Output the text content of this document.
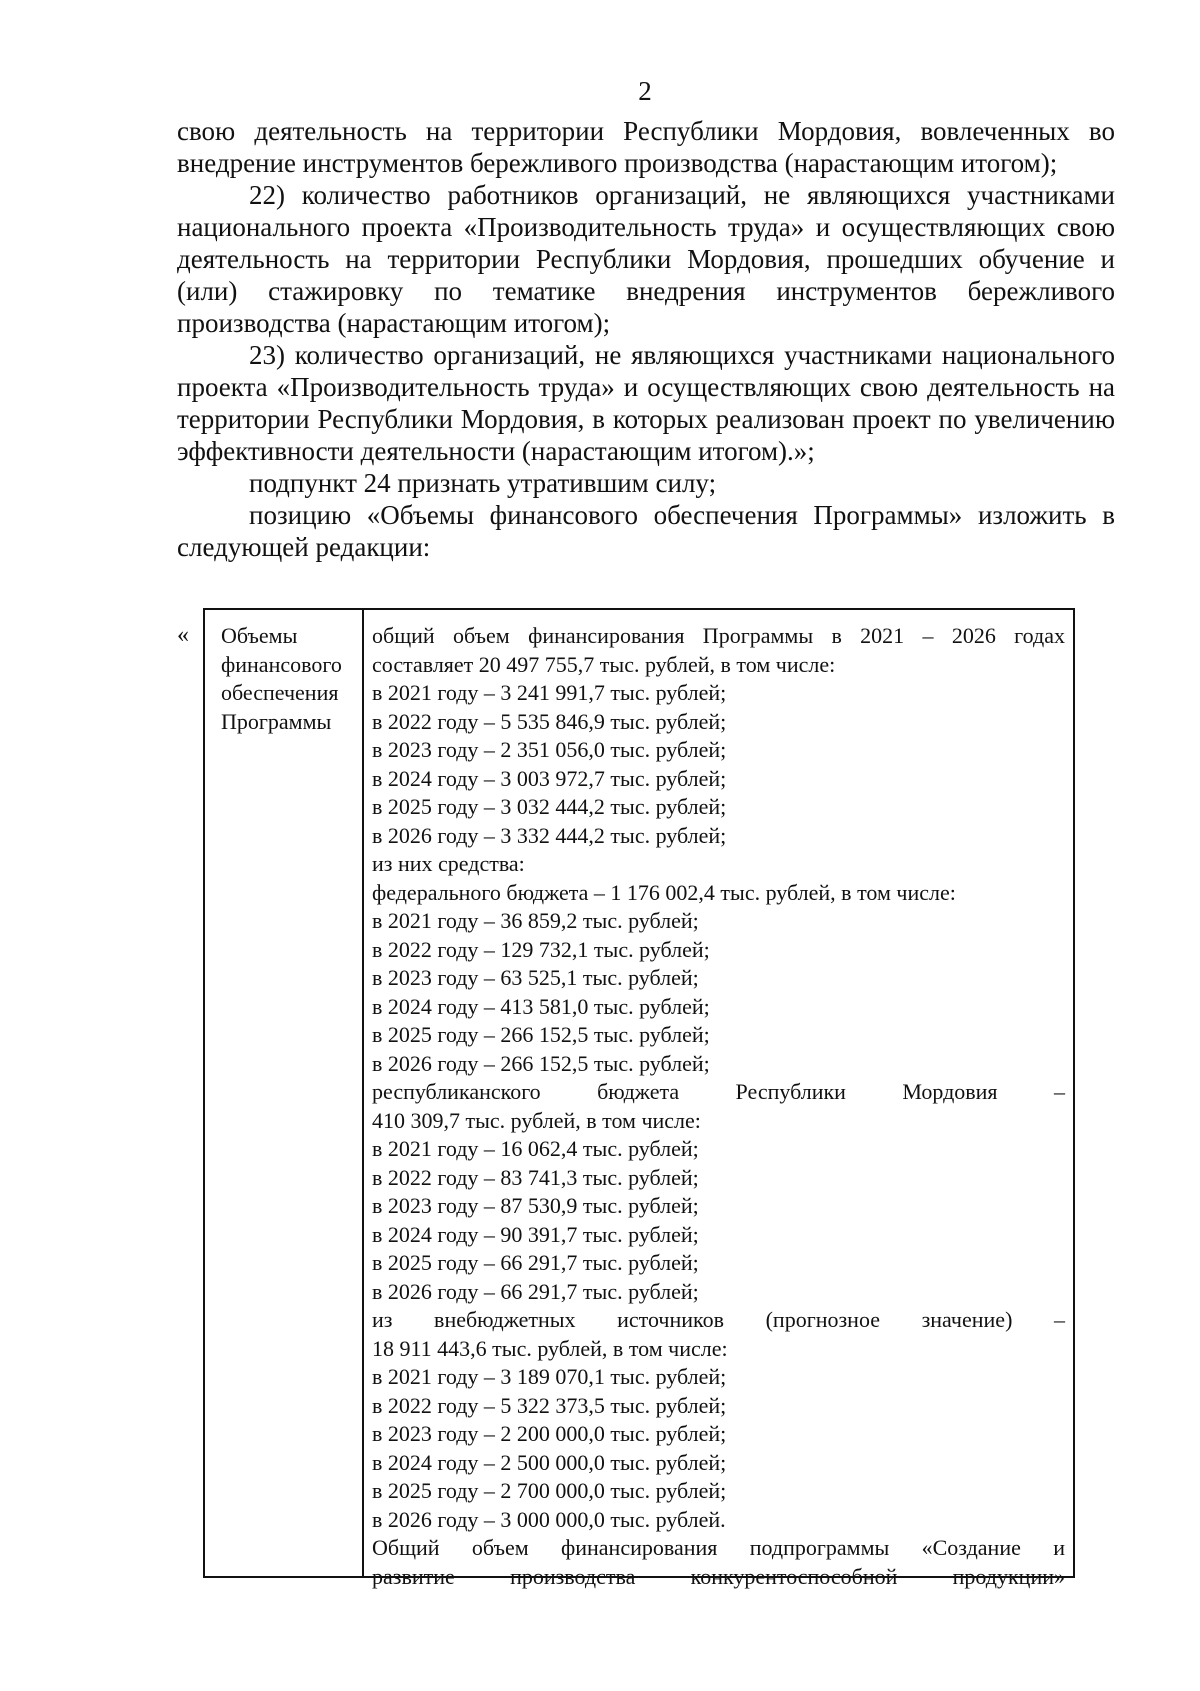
2

свою деятельность на территории Республики Мордовия, вовлеченных во внедрение инструментов бережливого производства (нарастающим итогом);

22) количество работников организаций, не являющихся участниками национального проекта «Производительность труда» и осуществляющих свою деятельность на территории Республики Мордовия, прошедших обучение и (или) стажировку по тематике внедрения инструментов бережливого производства (нарастающим итогом);

23) количество организаций, не являющихся участниками национального проекта «Производительность труда» и осуществляющих свою деятельность на территории Республики Мордовия, в которых реализован проект по увеличению эффективности деятельности (нарастающим итогом).»;

подпункт 24 признать утратившим силу;

позицию «Объемы финансового обеспечения Программы» изложить в следующей редакции:

« Объемы
финансового
обеспечения
Программы
общий объем финансирования Программы в 2021 – 2026 годах
составляет 20 497 755,7 тыс. рублей, в том числе:
в 2021 году – 3 241 991,7 тыс. рублей;
в 2022 году – 5 535 846,9 тыс. рублей;
в 2023 году – 2 351 056,0 тыс. рублей;
в 2024 году – 3 003 972,7 тыс. рублей;
в 2025 году – 3 032 444,2 тыс. рублей;
в 2026 году – 3 332 444,2 тыс. рублей;
из них средства:
федерального бюджета – 1 176 002,4 тыс. рублей, в том числе:
в 2021 году – 36 859,2 тыс. рублей;
в 2022 году – 129 732,1 тыс. рублей;
в 2023 году – 63 525,1 тыс. рублей;
в 2024 году – 413 581,0 тыс. рублей;
в 2025 году – 266 152,5 тыс. рублей;
в 2026 году – 266 152,5 тыс. рублей;
республиканского бюджета Республики Мордовия –
410 309,7 тыс. рублей, в том числе:
в 2021 году – 16 062,4 тыс. рублей;
в 2022 году – 83 741,3 тыс. рублей;
в 2023 году – 87 530,9 тыс. рублей;
в 2024 году – 90 391,7 тыс. рублей;
в 2025 году – 66 291,7 тыс. рублей;
в 2026 году – 66 291,7 тыс. рублей;
из внебюджетных источников (прогнозное значение) –
18 911 443,6 тыс. рублей, в том числе:
в 2021 году – 3 189 070,1 тыс. рублей;
в 2022 году – 5 322 373,5 тыс. рублей;
в 2023 году – 2 200 000,0 тыс. рублей;
в 2024 году – 2 500 000,0 тыс. рублей;
в 2025 году – 2 700 000,0 тыс. рублей;
в 2026 году – 3 000 000,0 тыс. рублей.
Общий объем финансирования подпрограммы «Создание и
развитие производства конкурентоспособной продукции»
